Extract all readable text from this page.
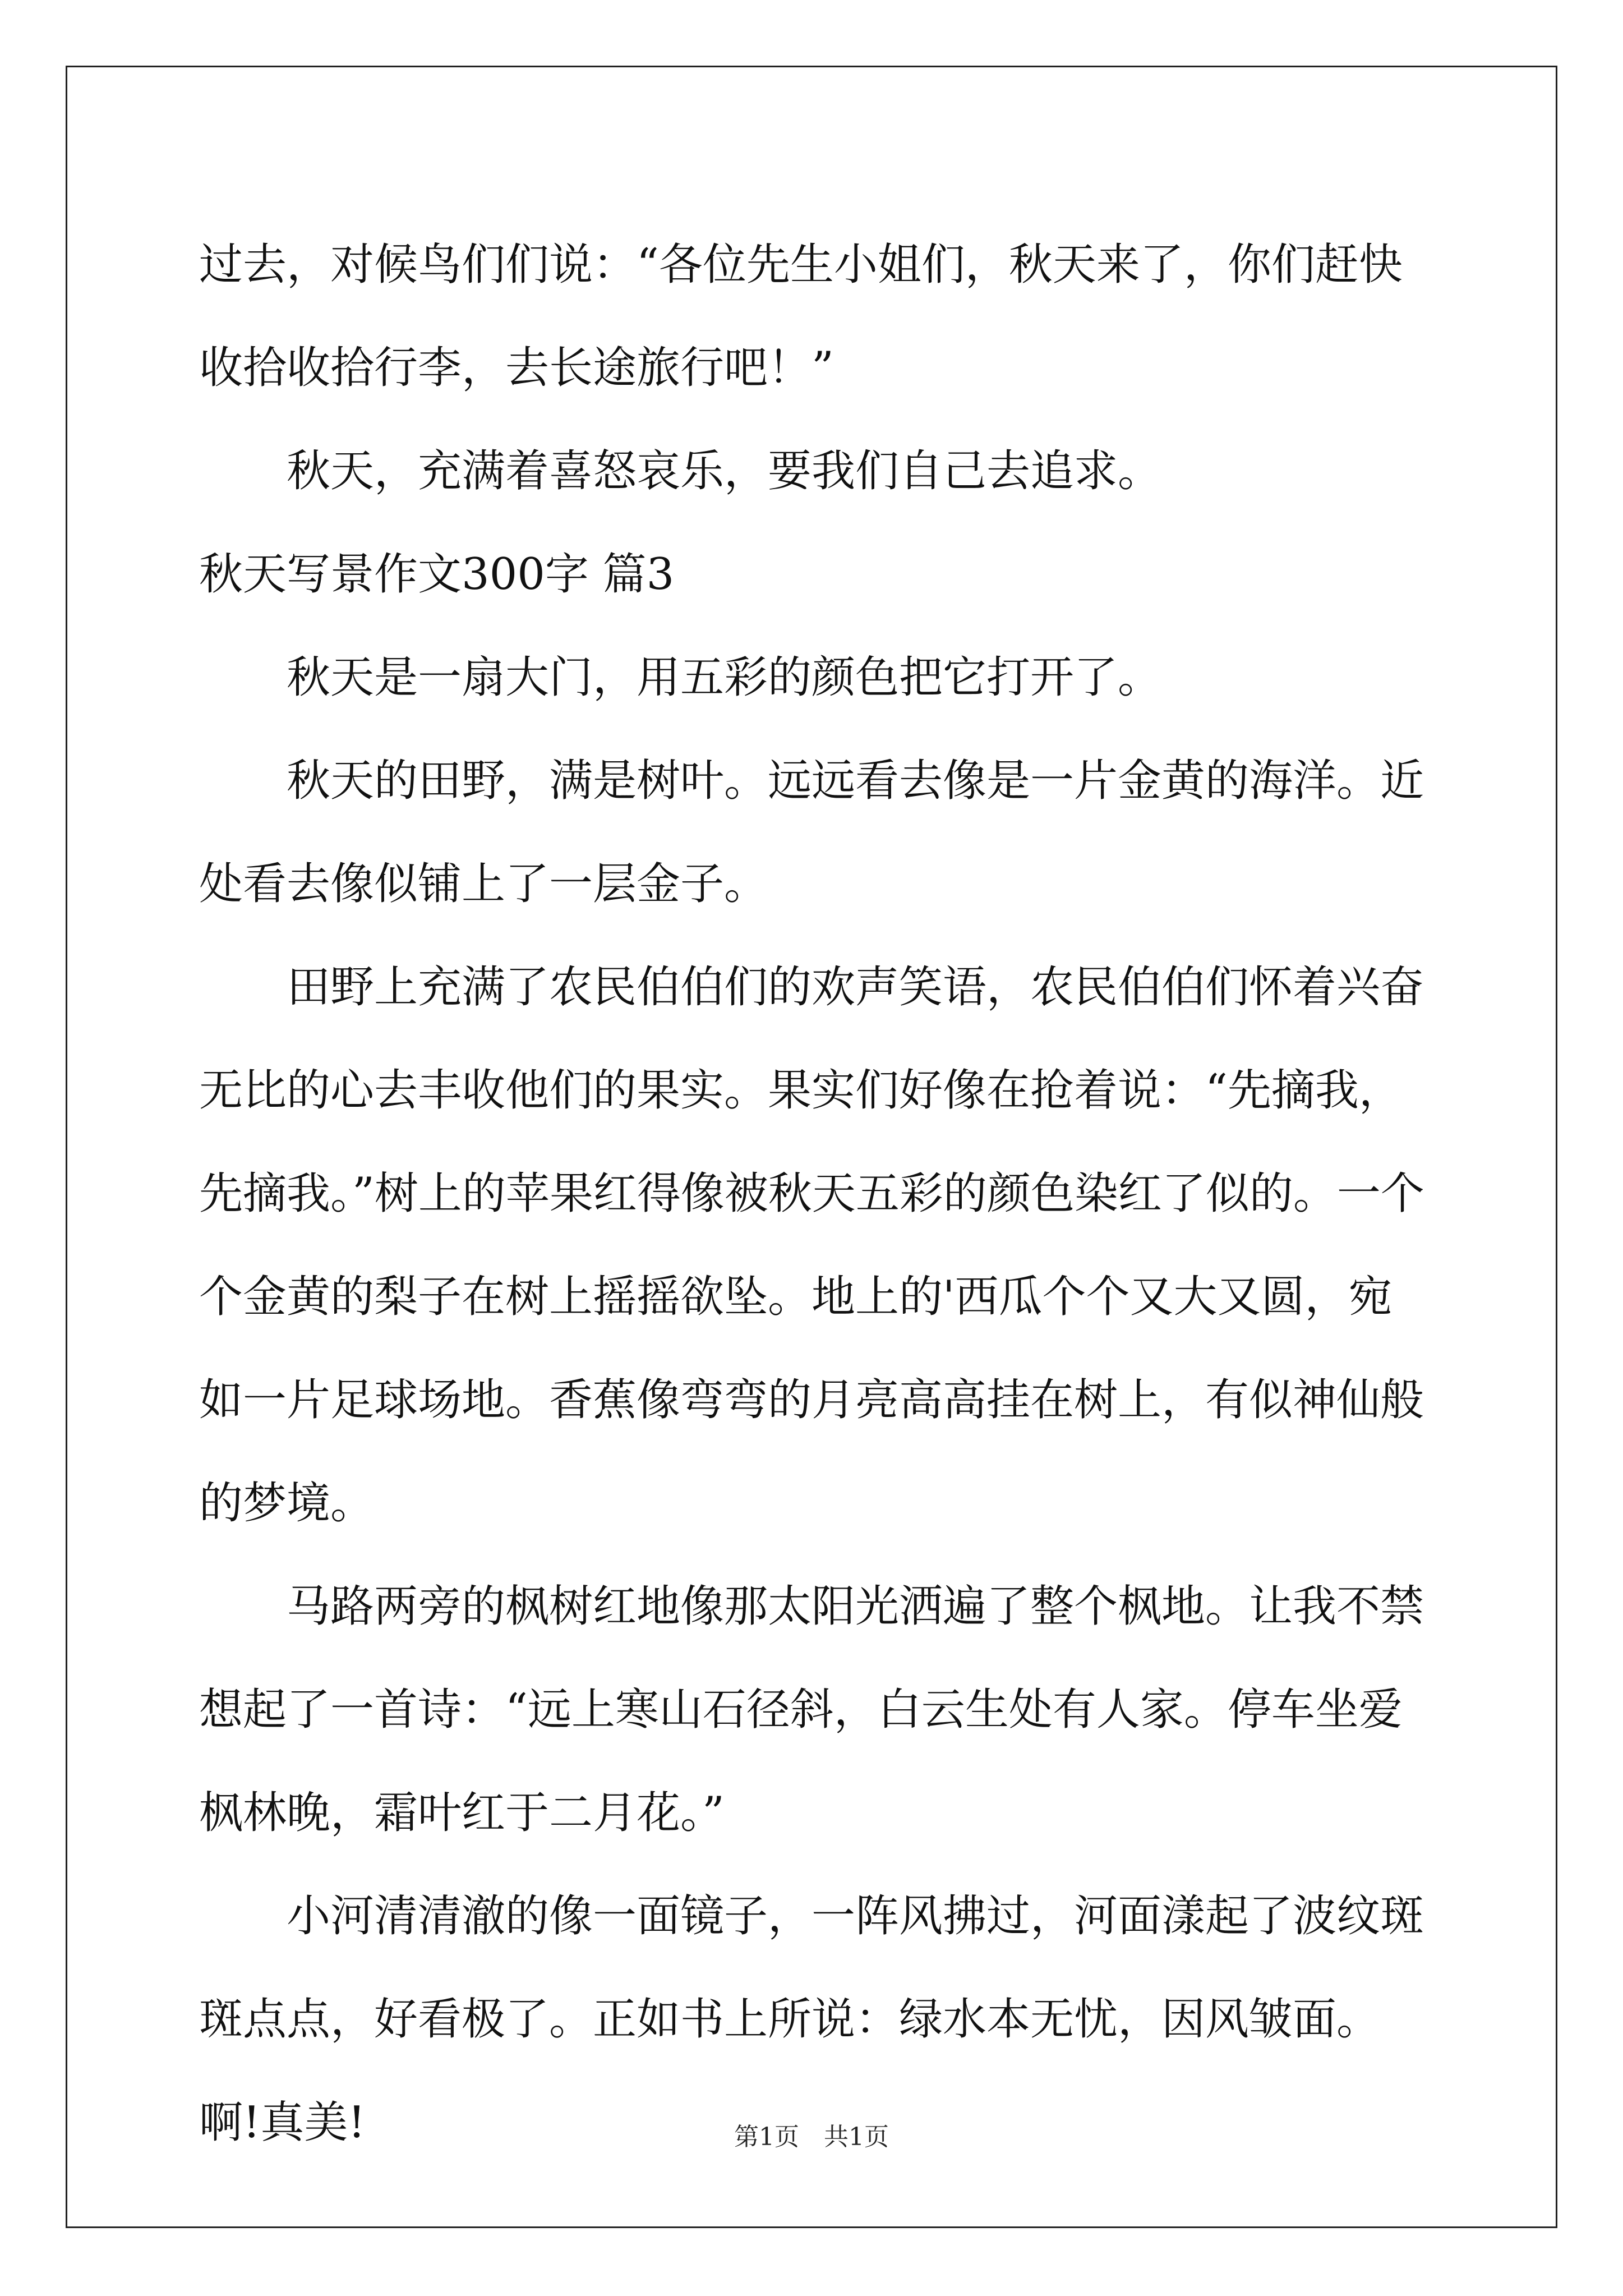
过去，对候鸟们们说：“各位先生小姐们，秋天来了，你们赶快收拾收拾行李，去长途旅行吧！”

秋天，充满着喜怒哀乐，要我们自己去追求。

秋天写景作文300字 篇3

秋天是一扇大门，用五彩的颜色把它打开了。

秋天的田野，满是树叶。远远看去像是一片金黄的海洋。近处看去像似铺上了一层金子。

田野上充满了农民伯伯们的欢声笑语，农民伯伯们怀着兴奋无比的心去丰收他们的果实。果实们好像在抢着说：“先摘我，先摘我。”树上的苹果红得像被秋天五彩的颜色染红了似的。一个个金黄的梨子在树上摇摇欲坠。地上的'西瓜个个又大又圆，宛如一片足球场地。香蕉像弯弯的月亮高高挂在树上，有似神仙般的梦境。

马路两旁的枫树红地像那太阳光洒遍了整个枫地。让我不禁想起了一首诗：“远上寒山石径斜，白云生处有人家。停车坐爱枫林晚，霜叶红于二月花。”

小河清清澈的像一面镜子，一阵风拂过，河面漾起了波纹斑斑点点，好看极了。正如书上所说：绿水本无忧，因风皱面。啊!真美!	第1页　共1页
